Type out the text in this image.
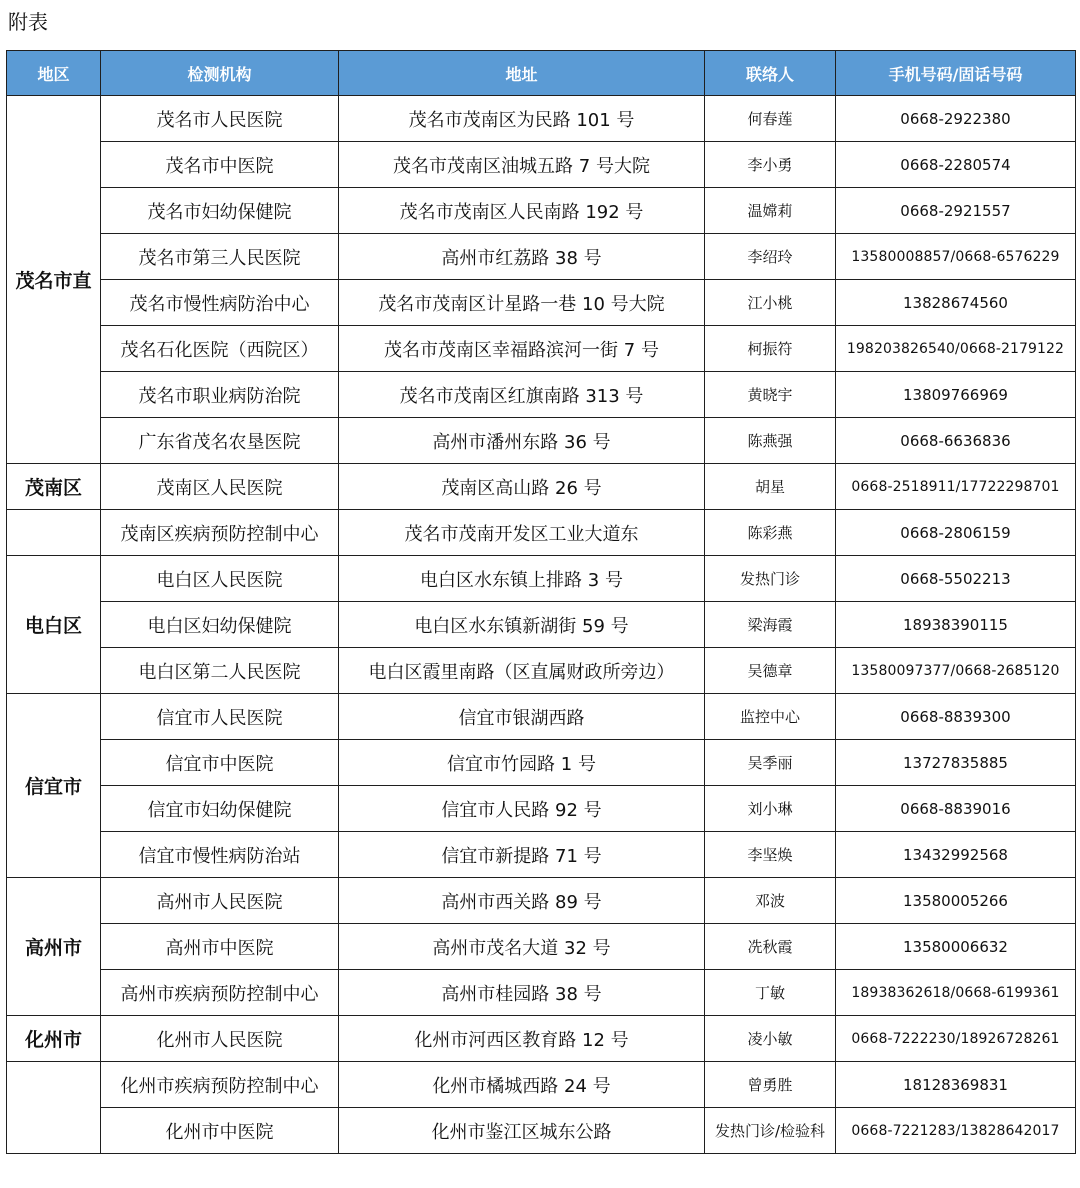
附表
地区	检测机构	地址	联络人	手机号码/固话号码
茂名市直	茂名市人民医院	茂名市茂南区为民路 101 号	何春莲	0668-2922380
	茂名市中医院	茂名市茂南区油城五路 7 号大院	李小勇	0668-2280574
	茂名市妇幼保健院	茂名市茂南区人民南路 192 号	温嫦莉	0668-2921557
	茂名市第三人民医院	高州市红荔路 38 号	李绍玲	13580008857/0668-6576229
	茂名市慢性病防治中心	茂名市茂南区计星路一巷 10 号大院	江小桃	13828674560
	茂名石化医院（西院区）	茂名市茂南区幸福路滨河一街 7 号	柯振符	19820382654​0/0668-2179122
	茂名市职业病防治院	茂名市茂南区红旗南路 313 号	黄晓宇	13809766969
	广东省茂名农垦医院	高州市潘州东路 36 号	陈燕强	0668-6636836
茂南区	茂南区人民医院	茂南区高山路 26 号	胡星	0668-2518911/17722298701
	茂南区疾病预防控制中心	茂名市茂南开发区工业大道东	陈彩燕	0668-2806159
电白区	电白区人民医院	电白区水东镇上排路 3 号	发热门诊	0668-5502213
	电白区妇幼保健院	电白区水东镇新湖街 59 号	梁海霞	18938390115
	电白区第二人民医院	电白区霞里南路（区直属财政所旁边）	吴德章	13580097377/0668-2685120
信宜市	信宜市人民医院	信宜市银湖西路	监控中心	0668-8839300
	信宜市中医院	信宜市竹园路 1 号	吴季丽	13727835885
	信宜市妇幼保健院	信宜市人民路 92 号	刘小琳	0668-8839016
	信宜市慢性病防治站	信宜市新提路 71 号	李坚焕	13432992568
高州市	高州市人民医院	高州市西关路 89 号	邓波	13580005266
	高州市中医院	高州市茂名大道 32 号	冼秋霞	13580006632
	高州市疾病预防控制中心	高州市桂园路 38 号	丁敏	18938362618/0668-6199361
化州市	化州市人民医院	化州市河西区教育路 12 号	凌小敏	0668-7222230/18926728261
	化州市疾病预防控制中心	化州市橘城西路 24 号	曾勇胜	18128369831
	化州市中医院	化州市鉴江区城东公路	发热门诊/检验科	0668-7221283/13828642017
